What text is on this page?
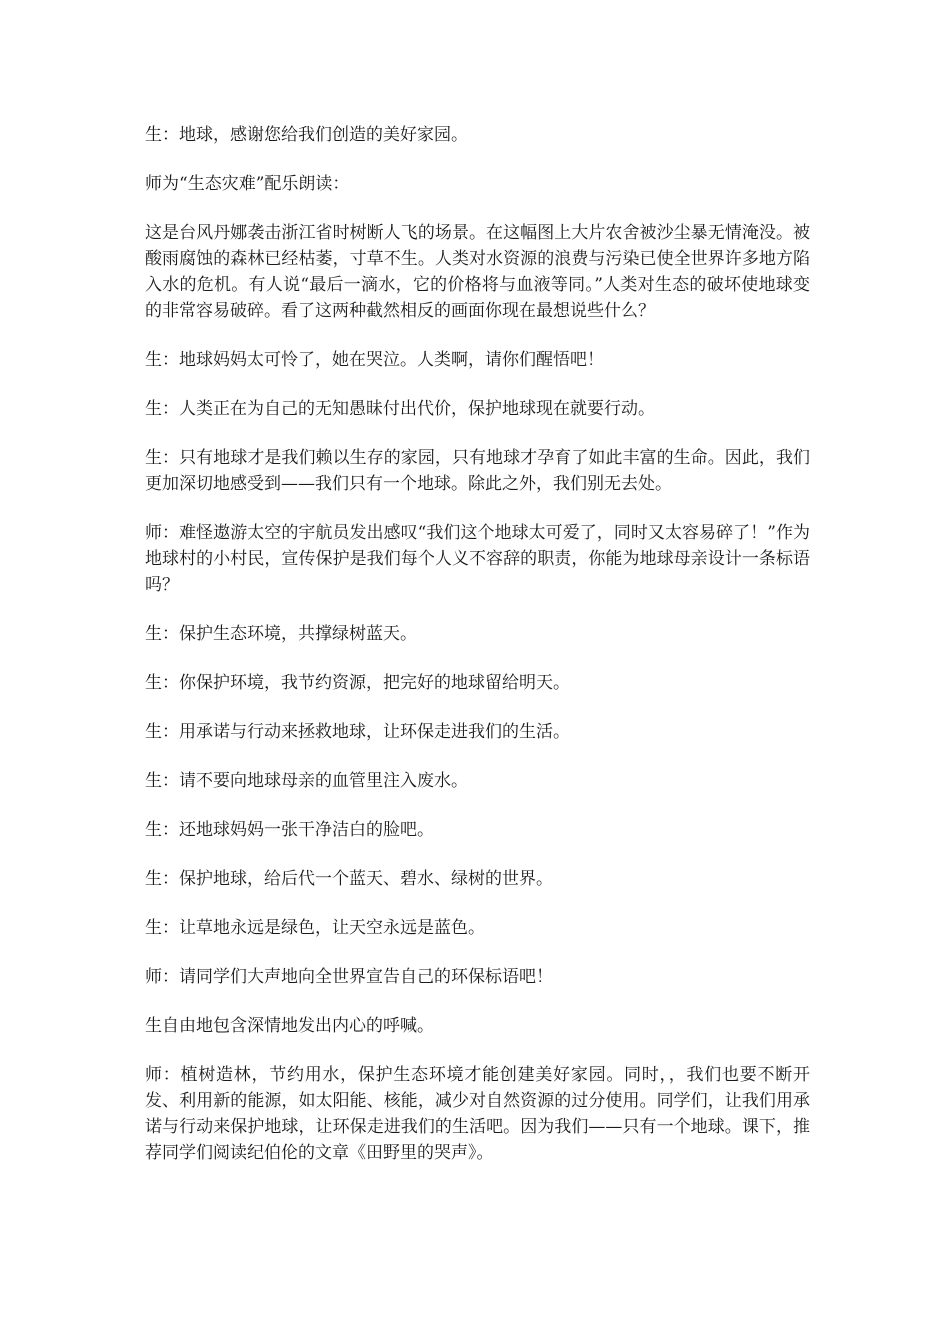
生：地球，感谢您给我们创造的美好家园。

师为“生态灾难”配乐朗读：

这是台风丹娜袭击浙江省时树断人飞的场景。在这幅图上大片农舍被沙尘暴无情淹没。被酸雨腐蚀的森林已经枯萎，寸草不生。人类对水资源的浪费与污染已使全世界许多地方陷入水的危机。有人说“最后一滴水，它的价格将与血液等同。”人类对生态的破坏使地球变的非常容易破碎。看了这两种截然相反的画面你现在最想说些什么？

生：地球妈妈太可怜了，她在哭泣。人类啊，请你们醒悟吧！

生：人类正在为自己的无知愚昧付出代价，保护地球现在就要行动。

生：只有地球才是我们赖以生存的家园，只有地球才孕育了如此丰富的生命。因此，我们更加深切地感受到——我们只有一个地球。除此之外，我们别无去处。

师：难怪遨游太空的宇航员发出感叹“我们这个地球太可爱了，同时又太容易碎了！”作为地球村的小村民，宣传保护是我们每个人义不容辞的职责，你能为地球母亲设计一条标语吗？

生：保护生态环境，共撑绿树蓝天。

生：你保护环境，我节约资源，把完好的地球留给明天。

生：用承诺与行动来拯救地球，让环保走进我们的生活。

生：请不要向地球母亲的血管里注入废水。

生：还地球妈妈一张干净洁白的脸吧。

生：保护地球，给后代一个蓝天、碧水、绿树的世界。

生：让草地永远是绿色，让天空永远是蓝色。

师：请同学们大声地向全世界宣告自己的环保标语吧！

生自由地包含深情地发出内心的呼喊。

师：植树造林，节约用水，保护生态环境才能创建美好家园。同时，，我们也要不断开发、利用新的能源，如太阳能、核能，减少对自然资源的过分使用。同学们，让我们用承诺与行动来保护地球，让环保走进我们的生活吧。因为我们——只有一个地球。课下，推荐同学们阅读纪伯伦的文章《田野里的哭声》。
